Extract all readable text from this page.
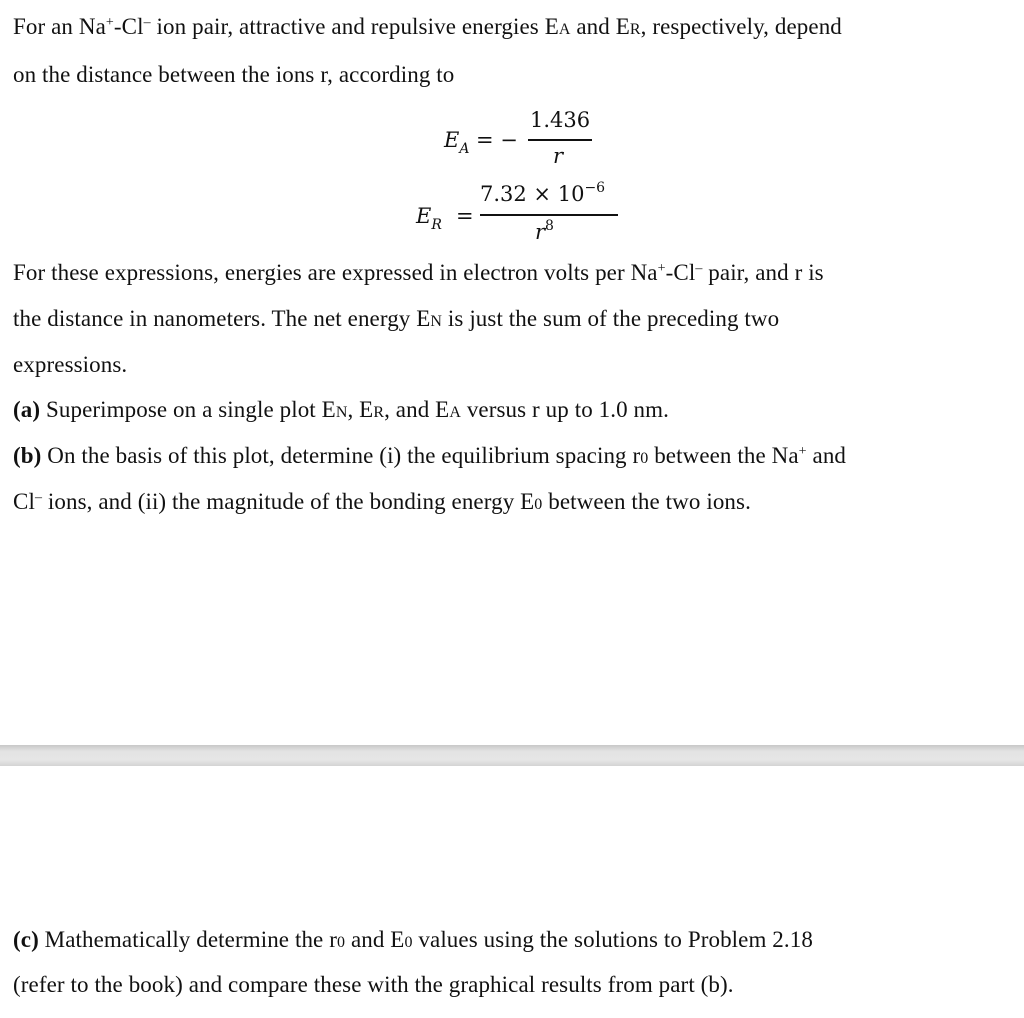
For an Na+-Cl– ion pair, attractive and repulsive energies EA and ER, respectively, depend
on the distance between the ions r, according to
$E_A$ = −
1.436
r
$E_R$ =
$7.32 \times 10^{-6}$
$r^8$
For these expressions, energies are expressed in electron volts per Na+-Cl– pair, and r is
the distance in nanometers. The net energy EN is just the sum of the preceding two
expressions.
(a) Superimpose on a single plot EN, ER, and EA versus r up to 1.0 nm.
(b) On the basis of this plot, determine (i) the equilibrium spacing r0 between the Na+ and
Cl– ions, and (ii) the magnitude of the bonding energy E0 between the two ions.
(c) Mathematically determine the r0 and E0 values using the solutions to Problem 2.18
(refer to the book) and compare these with the graphical results from part (b).
